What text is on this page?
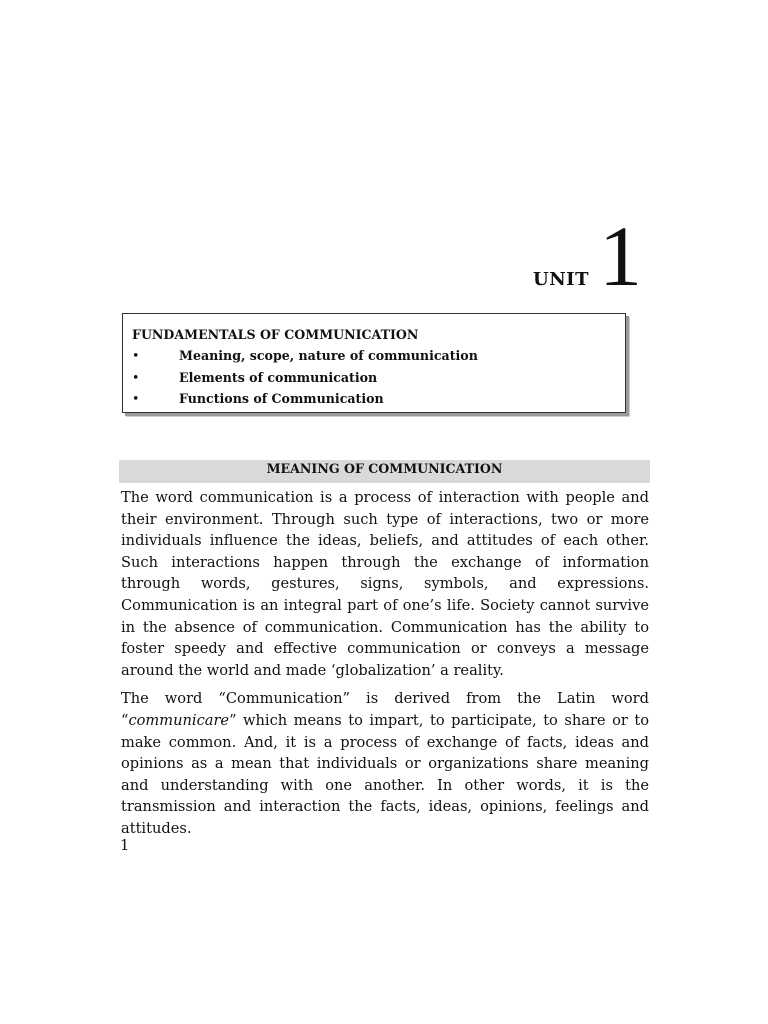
UNIT 1
FUNDAMENTALS OF COMMUNICATION
•	Meaning, scope, nature of communication
•	Elements of communication
•	Functions of Communication
MEANING OF COMMUNICATION

The word communication is a process of interaction with people and their environment. Through such type of interactions, two or more individuals influence the ideas, beliefs, and attitudes of each other. Such interactions happen through the exchange of information through words, gestures, signs, symbols, and expressions. Communication is an integral part of one’s life. Society cannot survive in the absence of communication. Communication has the ability to foster speedy and effective communication or conveys a message around the world and made ‘globalization’ a reality.

The word “Communication” is derived from the Latin word “communicare” which means to impart, to participate, to share or to make common. And, it is a process of exchange of facts, ideas and opinions as a mean that individuals or organizations share meaning and understanding with one another. In other words, it is the transmission and interaction the facts, ideas, opinions, feelings and attitudes.

1
